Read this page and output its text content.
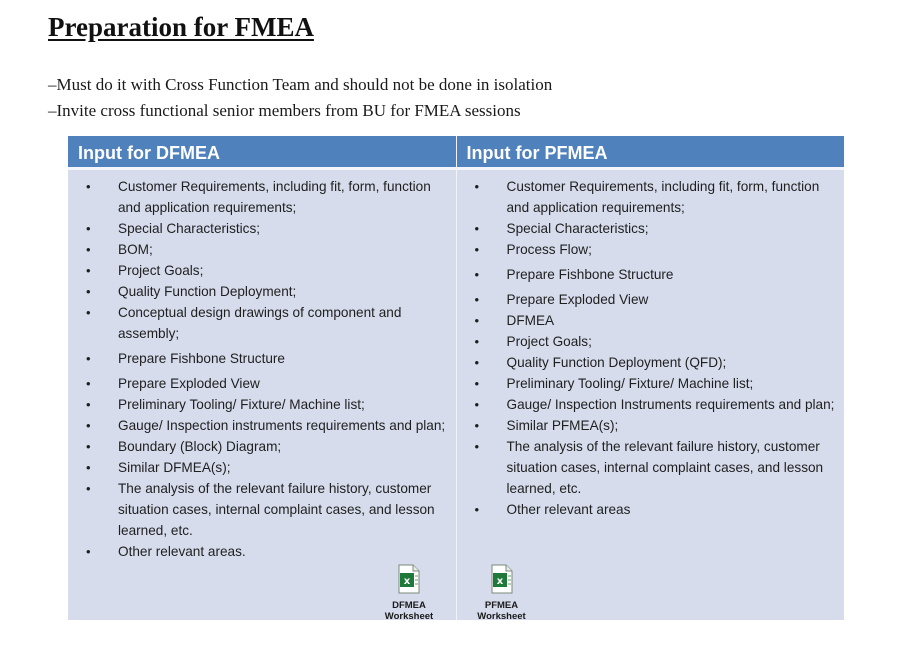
Preparation for FMEA
–Must do it with Cross Function Team and should not be done in isolation
–Invite cross functional senior members from BU for FMEA sessions
Input for DFMEA
• Customer Requirements, including fit, form, function and application requirements;
• Special Characteristics;
• BOM;
• Project Goals;
• Quality Function Deployment;
• Conceptual design drawings of component and assembly;
• Prepare Fishbone Structure
• Prepare Exploded View
• Preliminary Tooling/ Fixture/ Machine list;
• Gauge/ Inspection instruments requirements and plan;
• Boundary (Block) Diagram;
• Similar DFMEA(s);
• The analysis of the relevant failure history, customer situation cases, internal complaint cases, and lesson learned, etc.
• Other relevant areas.
x
DFMEA
Worksheet
Input for PFMEA
• Customer Requirements, including fit, form, function and application requirements;
• Special Characteristics;
• Process Flow;
• Prepare Fishbone Structure
• Prepare Exploded View
• DFMEA
• Project Goals;
• Quality Function Deployment (QFD);
• Preliminary Tooling/ Fixture/ Machine list;
• Gauge/ Inspection Instruments requirements and plan;
• Similar PFMEA(s);
• The analysis of the relevant failure history, customer situation cases, internal complaint cases, and lesson learned, etc.
• Other relevant areas
x
PFMEA
Worksheet
